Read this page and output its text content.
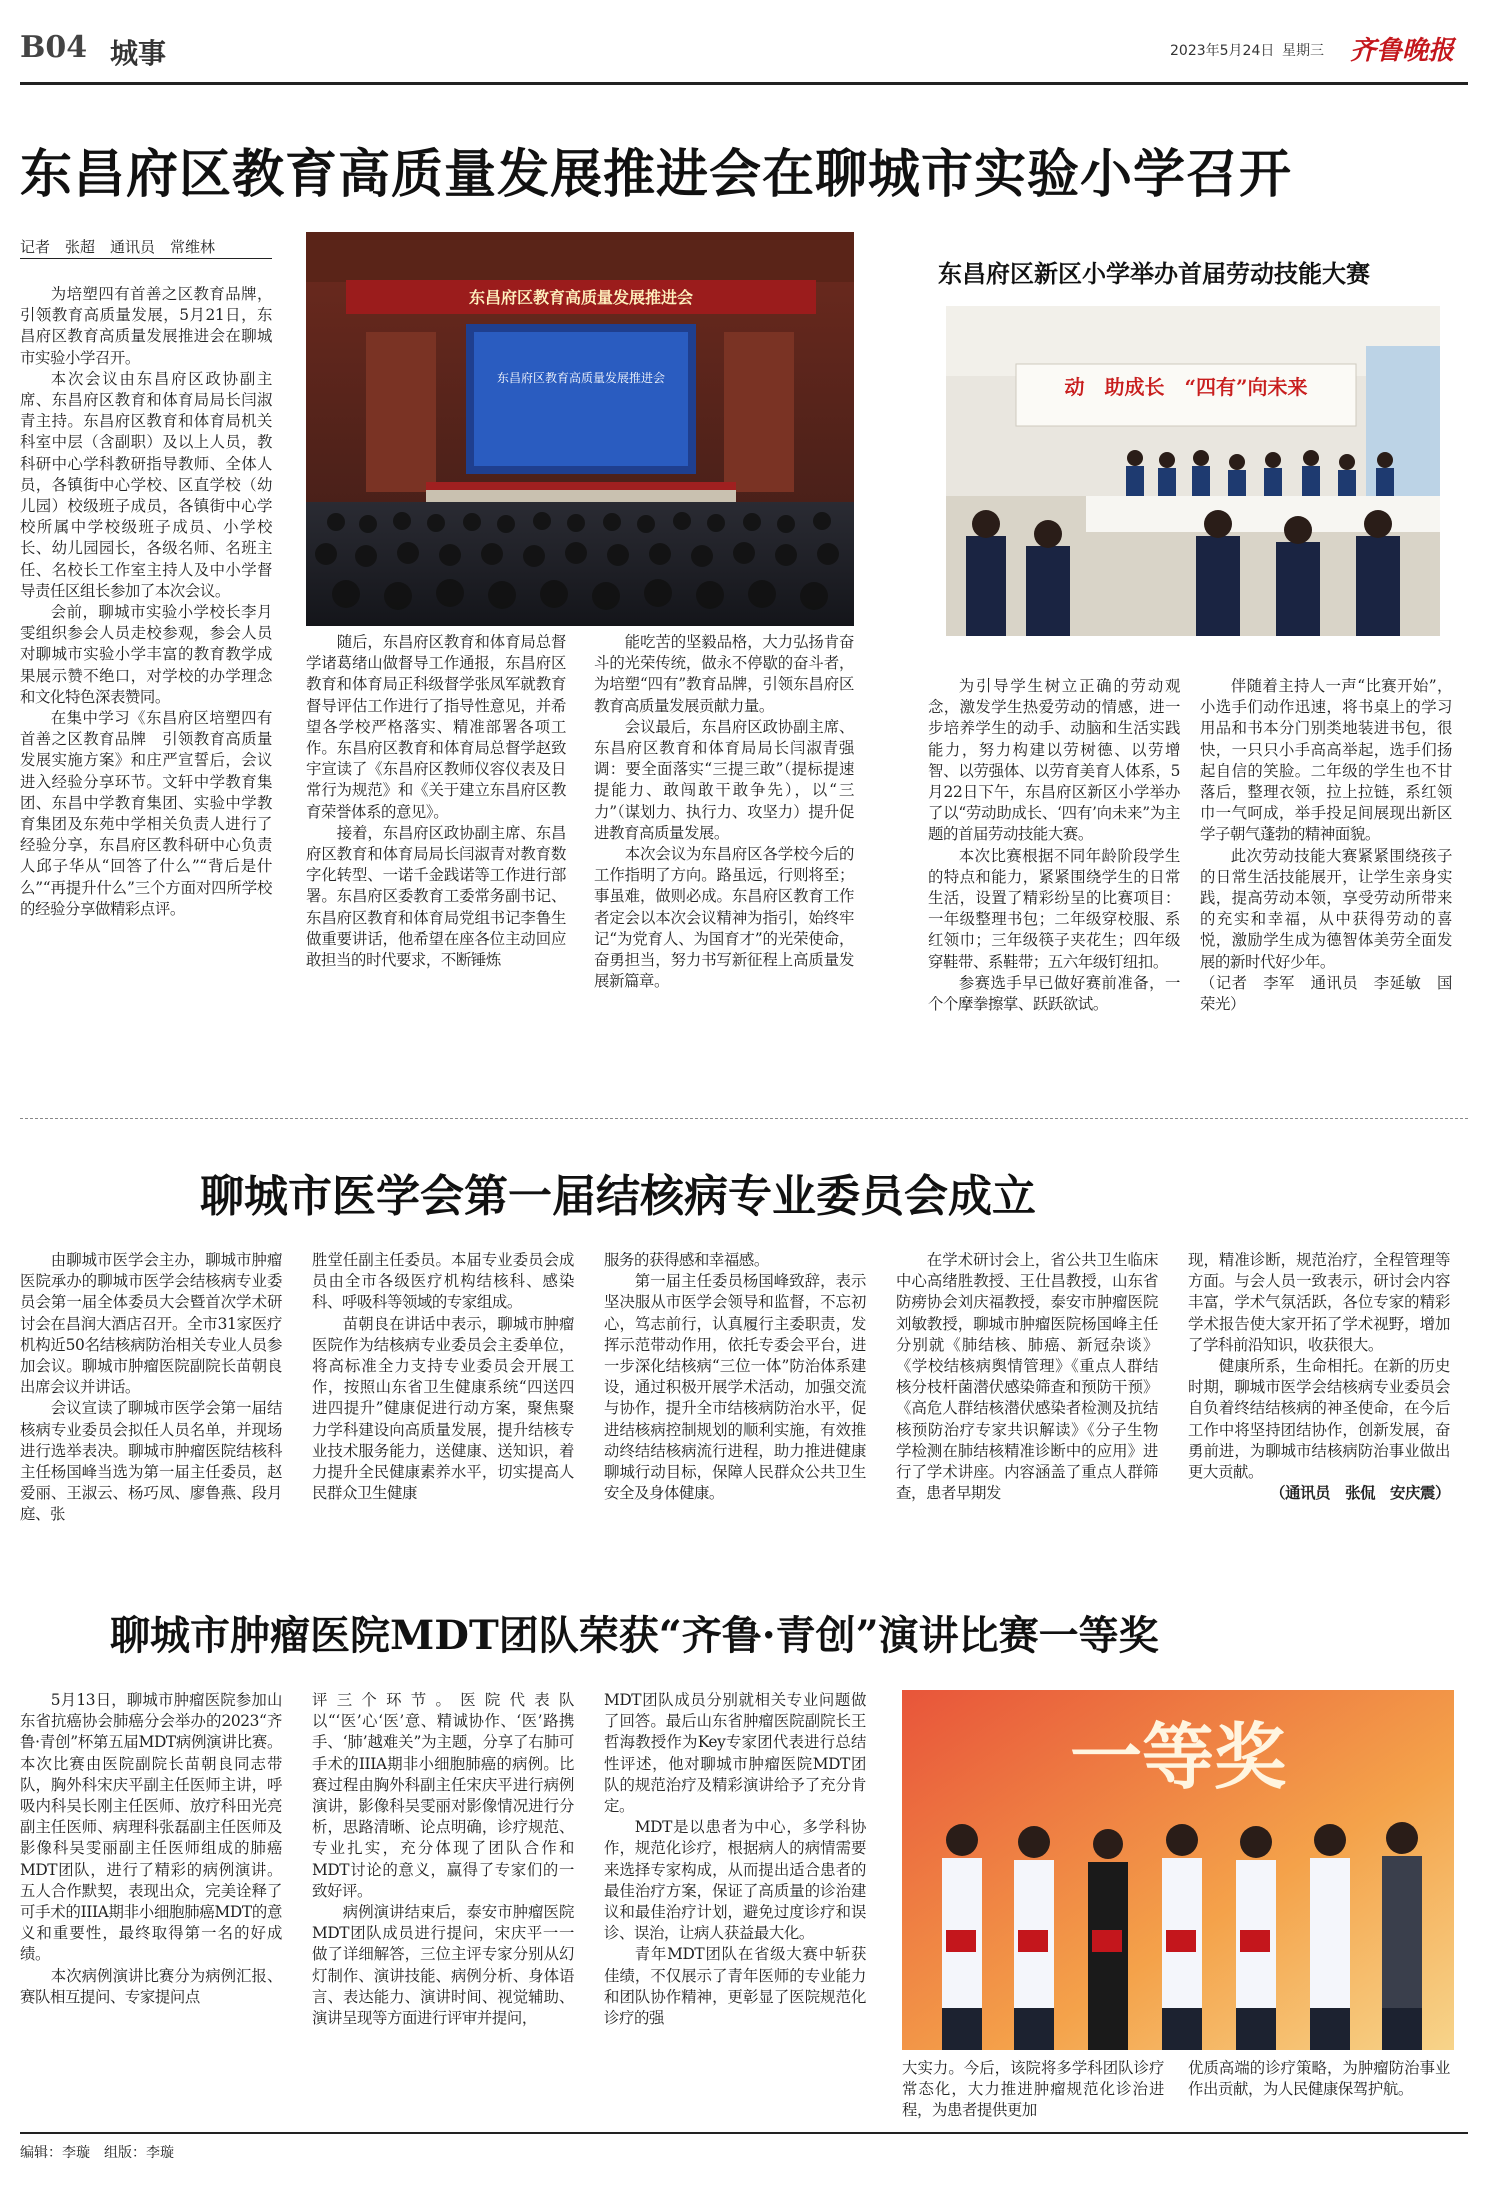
B04 城事	2023年5月24日 星期三 齐鲁晚报
东昌府区教育高质量发展推进会在聊城市实验小学召开
记者　张超　通讯员　常维林

为培塑四有首善之区教育品牌，引领教育高质量发展，5月21日，东昌府区教育高质量发展推进会在聊城市实验小学召开。

本次会议由东昌府区政协副主席、东昌府区教育和体育局局长闫淑青主持。东昌府区教育和体育局机关科室中层（含副职）及以上人员，教科研中心学科教研指导教师、全体人员，各镇街中心学校、区直学校（幼儿园）校级班子成员，各镇街中心学校所属中学校级班子成员、小学校长、幼儿园园长，各级名师、名班主任、名校长工作室主持人及中小学督导责任区组长参加了本次会议。

会前，聊城市实验小学校长李月雯组织参会人员走校参观，参会人员对聊城市实验小学丰富的教育教学成果展示赞不绝口，对学校的办学理念和文化特色深表赞同。

在集中学习《东昌府区培塑四有首善之区教育品牌　引领教育高质量发展实施方案》和庄严宣誓后，会议进入经验分享环节。文轩中学教育集团、东昌中学教育集团、实验中学教育集团及东苑中学相关负责人进行了经验分享，东昌府区教科研中心负责人邱子华从“回答了什么”“背后是什么”“再提升什么”三个方面对四所学校的经验分享做精彩点评。

东昌府区教育高质量发展推进会
东昌府区教育高质量发展推进会

随后，东昌府区教育和体育局总督学诸葛绪山做督导工作通报，东昌府区教育和体育局正科级督学张凤军就教育督导评估工作进行了指导性意见，并希望各学校严格落实、精准部署各项工作。东昌府区教育和体育局总督学赵致宇宣读了《东昌府区教师仪容仪表及日常行为规范》和《关于建立东昌府区教育荣誉体系的意见》。

接着，东昌府区政协副主席、东昌府区教育和体育局局长闫淑青对教育数字化转型、一诺千金践诺等工作进行部署。东昌府区委教育工委常务副书记、东昌府区教育和体育局党组书记李鲁生做重要讲话，他希望在座各位主动回应敢担当的时代要求，不断锤炼

能吃苦的坚毅品格，大力弘扬肯奋斗的光荣传统，做永不停歇的奋斗者，为培塑“四有”教育品牌，引领东昌府区教育高质量发展贡献力量。

会议最后，东昌府区政协副主席、东昌府区教育和体育局局长闫淑青强调：要全面落实“三提三敢”（提标提速提能力、敢闯敢干敢争先），以“三力”（谋划力、执行力、攻坚力）提升促进教育高质量发展。

本次会议为东昌府区各学校今后的工作指明了方向。路虽远，行则将至；事虽难，做则必成。东昌府区教育工作者定会以本次会议精神为指引，始终牢记“为党育人、为国育才”的光荣使命，奋勇担当，努力书写新征程上高质量发展新篇章。

东昌府区新区小学举办首届劳动技能大赛
动　助成长　“四有”向未来

为引导学生树立正确的劳动观念，激发学生热爱劳动的情感，进一步培养学生的动手、动脑和生活实践能力，努力构建以劳树德、以劳增智、以劳强体、以劳育美育人体系，5月22日下午，东昌府区新区小学举办了以“劳动助成长、‘四有’向未来”为主题的首届劳动技能大赛。

本次比赛根据不同年龄阶段学生的特点和能力，紧紧围绕学生的日常生活，设置了精彩纷呈的比赛项目：一年级整理书包；二年级穿校服、系红领巾；三年级筷子夹花生；四年级穿鞋带、系鞋带；五六年级钉纽扣。

参赛选手早已做好赛前准备，一个个摩拳擦掌、跃跃欲试。

伴随着主持人一声“比赛开始”，小选手们动作迅速，将书桌上的学习用品和书本分门别类地装进书包，很快，一只只小手高高举起，选手们扬起自信的笑脸。二年级的学生也不甘落后，整理衣领，拉上拉链，系红领巾一气呵成，举手投足间展现出新区学子朝气蓬勃的精神面貌。

此次劳动技能大赛紧紧围绕孩子的日常生活技能展开，让学生亲身实践，提高劳动本领，享受劳动所带来的充实和幸福，从中获得劳动的喜悦，激励学生成为德智体美劳全面发展的新时代好少年。

（记者　李军　通讯员　李延敏　国荣光）
聊城市医学会第一届结核病专业委员会成立

由聊城市医学会主办，聊城市肿瘤医院承办的聊城市医学会结核病专业委员会第一届全体委员大会暨首次学术研讨会在昌润大酒店召开。全市31家医疗机构近50名结核病防治相关专业人员参加会议。聊城市肿瘤医院副院长苗朝良出席会议并讲话。

会议宣读了聊城市医学会第一届结核病专业委员会拟任人员名单，并现场进行选举表决。聊城市肿瘤医院结核科主任杨国峰当选为第一届主任委员，赵爱丽、王淑云、杨巧凤、廖鲁燕、段月庭、张

胜堂任副主任委员。本届专业委员会成员由全市各级医疗机构结核科、感染科、呼吸科等领域的专家组成。

苗朝良在讲话中表示，聊城市肿瘤医院作为结核病专业委员会主委单位，将高标准全力支持专业委员会开展工作，按照山东省卫生健康系统“四送四进四提升”健康促进行动方案，聚焦聚力学科建设向高质量发展，提升结核专业技术服务能力，送健康、送知识，着力提升全民健康素养水平，切实提高人民群众卫生健康

服务的获得感和幸福感。

第一届主任委员杨国峰致辞，表示坚决服从市医学会领导和监督，不忘初心，笃志前行，认真履行主委职责，发挥示范带动作用，依托专委会平台，进一步深化结核病“三位一体”防治体系建设，通过积极开展学术活动，加强交流与协作，提升全市结核病防治水平，促进结核病控制规划的顺利实施，有效推动终结结核病流行进程，助力推进健康聊城行动目标，保障人民群众公共卫生安全及身体健康。

在学术研讨会上，省公共卫生临床中心高绪胜教授、王仕昌教授，山东省防痨协会刘庆福教授，泰安市肿瘤医院刘敏教授，聊城市肿瘤医院杨国峰主任分别就《肺结核、肺癌、新冠杂谈》《学校结核病舆情管理》《重点人群结核分枝杆菌潜伏感染筛查和预防干预》《高危人群结核潜伏感染者检测及抗结核预防治疗专家共识解读》《分子生物学检测在肺结核精准诊断中的应用》进行了学术讲座。内容涵盖了重点人群筛查，患者早期发

现，精准诊断，规范治疗，全程管理等方面。与会人员一致表示，研讨会内容丰富，学术气氛活跃，各位专家的精彩学术报告使大家开拓了学术视野，增加了学科前沿知识，收获很大。

健康所系，生命相托。在新的历史时期，聊城市医学会结核病专业委员会自负着终结结核病的神圣使命，在今后工作中将坚持团结协作，创新发展，奋勇前进，为聊城市结核病防治事业做出更大贡献。

（通讯员　张侃　安庆震）
聊城市肿瘤医院MDT团队荣获“齐鲁·青创”演讲比赛一等奖

5月13日，聊城市肿瘤医院参加山东省抗癌协会肺癌分会举办的2023“齐鲁·青创”杯第五届MDT病例演讲比赛。本次比赛由医院副院长苗朝良同志带队，胸外科宋庆平副主任医师主讲，呼吸内科吴长刚主任医师、放疗科田光亮副主任医师、病理科张磊副主任医师及影像科吴雯丽副主任医师组成的肺癌MDT团队，进行了精彩的病例演讲。五人合作默契，表现出众，完美诠释了可手术的IIIA期非小细胞肺癌MDT的意义和重要性，最终取得第一名的好成绩。

本次病例演讲比赛分为病例汇报、赛队相互提问、专家提问点

评三个环节。医院代表队以“‘医’心‘医’意、精诚协作、‘医’路携手、‘肺’越难关”为主题，分享了右肺可手术的IIIA期非小细胞肺癌的病例。比赛过程由胸外科副主任宋庆平进行病例演讲，影像科吴雯丽对影像情况进行分析，思路清晰、论点明确，诊疗规范、专业扎实，充分体现了团队合作和MDT讨论的意义，赢得了专家们的一致好评。

病例演讲结束后，泰安市肿瘤医院MDT团队成员进行提问，宋庆平一一做了详细解答，三位主评专家分别从幻灯制作、演讲技能、病例分析、身体语言、表达能力、演讲时间、视觉辅助、演讲呈现等方面进行评审并提问，

MDT团队成员分别就相关专业问题做了回答。最后山东省肿瘤医院副院长王哲海教授作为Key专家团代表进行总结性评述，他对聊城市肿瘤医院MDT团队的规范治疗及精彩演讲给予了充分肯定。

MDT是以患者为中心，多学科协作，规范化诊疗，根据病人的病情需要来选择专家构成，从而提出适合患者的最佳治疗方案，保证了高质量的诊治建议和最佳治疗计划，避免过度诊疗和误诊、误治，让病人获益最大化。

青年MDT团队在省级大赛中斩获佳绩，不仅展示了青年医师的专业能力和团队协作精神，更彰显了医院规范化诊疗的强

一等奖

大实力。今后，该院将多学科团队诊疗常态化，大力推进肿瘤规范化诊治进程，为患者提供更加

优质高端的诊疗策略，为肿瘤防治事业作出贡献，为人民健康保驾护航。

编辑：李璇　组版：李璇
